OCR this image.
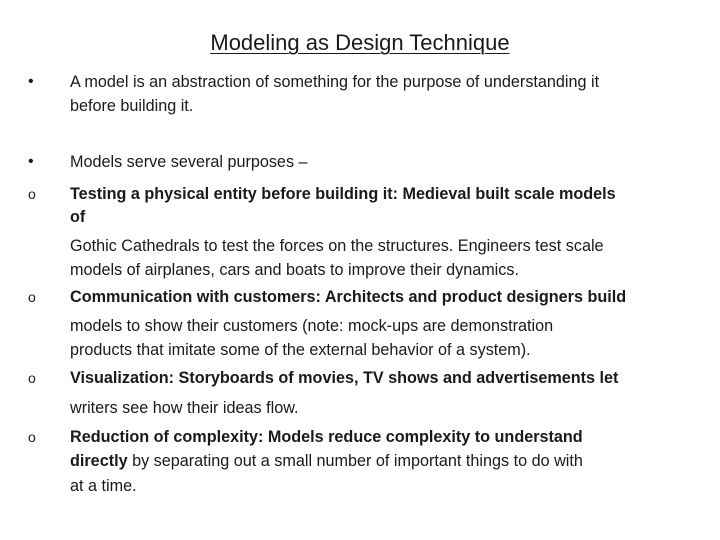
Modeling as Design Technique
• A model is an abstraction of something for the purpose of understanding it
before building it.
• Models serve several purposes –
o Testing a physical entity before building it: Medieval built scale models
of
Gothic Cathedrals to test the forces on the structures. Engineers test scale
models of airplanes, cars and boats to improve their dynamics.
o Communication with customers: Architects and product designers build
models to show their customers (note: mock-ups are demonstration
products that imitate some of the external behavior of a system).
o Visualization: Storyboards of movies, TV shows and advertisements let
writers see how their ideas flow.
o Reduction of complexity: Models reduce complexity to understand
directly by separating out a small number of important things to do with
at a time.
